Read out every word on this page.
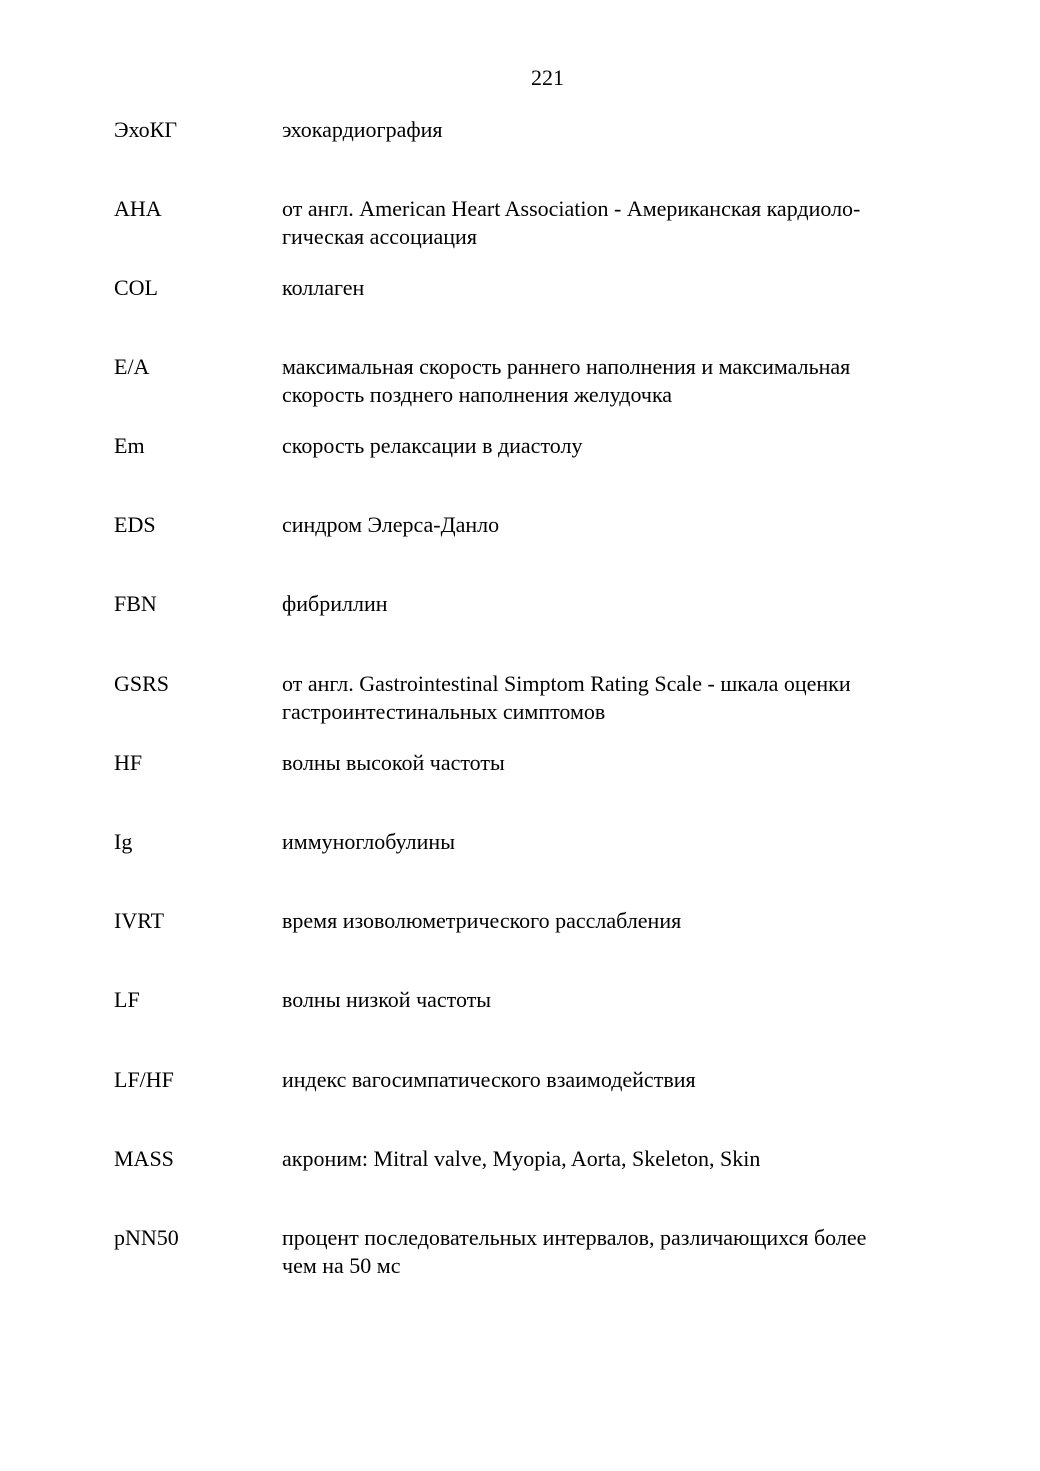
221
ЭхоКГ	эхокардиография
AHA	от англ. American Heart Association - Американская кардиоло-
гическая ассоциация
COL	коллаген
E/A	максимальная скорость раннего наполнения и максимальная
скорость позднего наполнения желудочка
Em	скорость релаксации в диастолу
EDS	синдром Элерса-Данло
FBN	фибриллин
GSRS	от англ. Gastrointestinal Simptom Rating Scale - шкала оценки
гастроинтестинальных симптомов
HF	волны высокой частоты
Ig	иммуноглобулины
IVRT	время изоволюметрического расслабления
LF	волны низкой частоты
LF/HF	индекс вагосимпатического взаимодействия
MASS	акроним: Mitral valve, Myopia, Aorta, Skeleton, Skin
pNN50	процент последовательных интервалов, различающихся более
чем на 50 мс
